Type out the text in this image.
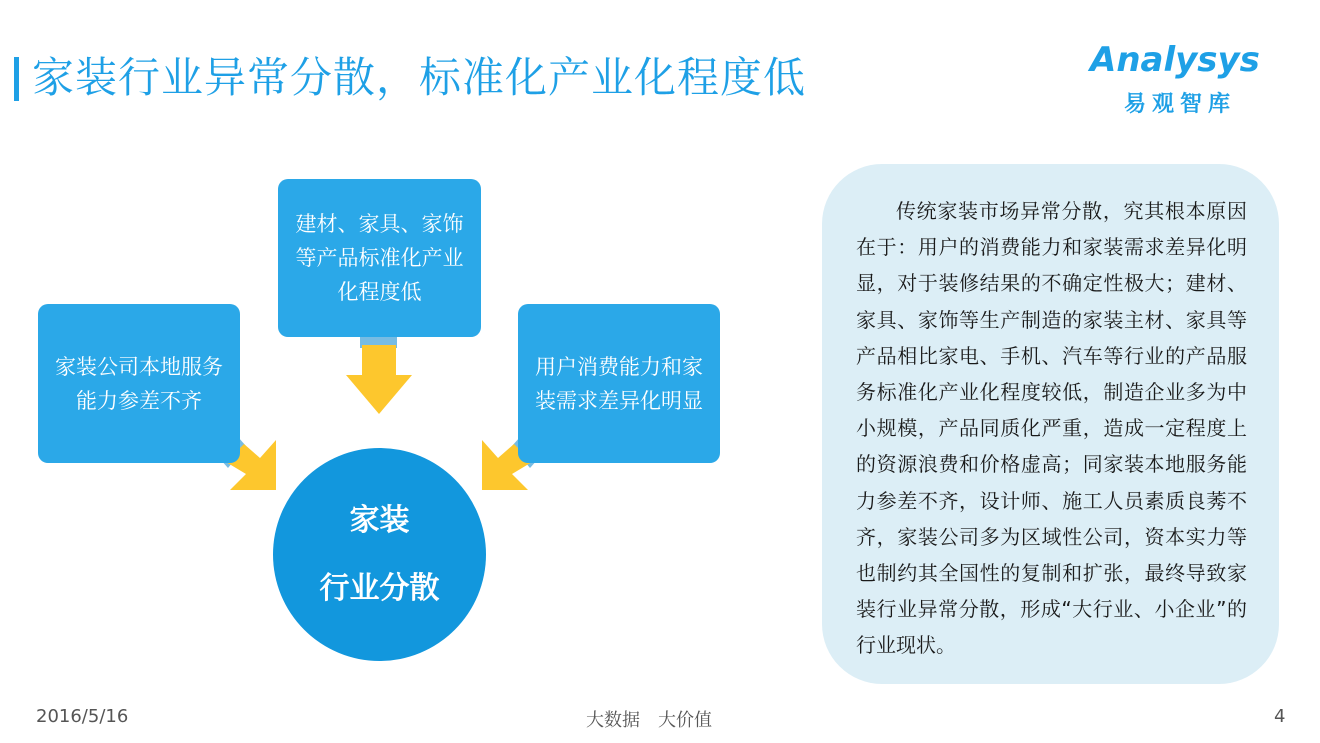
家装行业异常分散，标准化产业化程度低	Analysys
易观智库
建材、家具、家饰
等产品标准化产业
化程度低
家装公司本地服务
能力参差不齐
用户消费能力和家
装需求差异化明显
家装
行业分散
传统家装市场异常分散，究其根本原因在于：用户的消费能力和家装需求差异化明显，对于装修结果的不确定性极大；建材、家具、家饰等生产制造的家装主材、家具等产品相比家电、手机、汽车等行业的产品服务标准化产业化程度较低，制造企业多为中小规模，产品同质化严重，造成一定程度上的资源浪费和价格虚高；同家装本地服务能力参差不齐，设计师、施工人员素质良莠不齐，家装公司多为区域性公司，资本实力等也制约其全国性的复制和扩张，最终导致家装行业异常分散，形成“大行业、小企业”的行业现状。
2016/5/16	大数据　大价值	4
